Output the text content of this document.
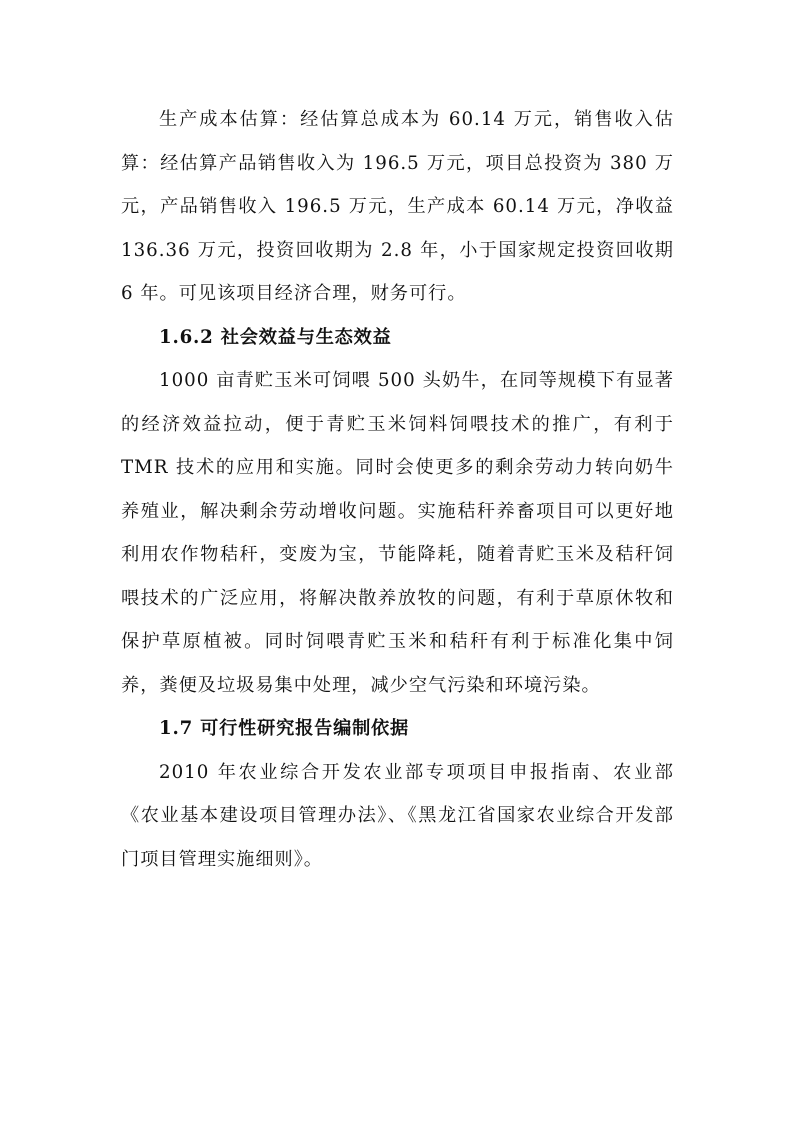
生产成本估算：经估算总成本为 60.14 万元，销售收入估算：经估算产品销售收入为 196.5 万元，项目总投资为 380 万元，产品销售收入 196.5 万元，生产成本 60.14 万元，净收益 136.36 万元，投资回收期为 2.8 年，小于国家规定投资回收期 6 年。可见该项目经济合理，财务可行。

1.6.2 社会效益与生态效益

1000 亩青贮玉米可饲喂 500 头奶牛，在同等规模下有显著的经济效益拉动，便于青贮玉米饲料饲喂技术的推广，有利于 TMR 技术的应用和实施。同时会使更多的剩余劳动力转向奶牛养殖业，解决剩余劳动增收问题。实施秸秆养畜项目可以更好地利用农作物秸秆，变废为宝，节能降耗，随着青贮玉米及秸秆饲喂技术的广泛应用，将解决散养放牧的问题，有利于草原休牧和保护草原植被。同时饲喂青贮玉米和秸秆有利于标准化集中饲养，粪便及垃圾易集中处理，减少空气污染和环境污染。

1.7 可行性研究报告编制依据

2010 年农业综合开发农业部专项项目申报指南、农业部《农业基本建设项目管理办法》、《黑龙江省国家农业综合开发部门项目管理实施细则》。
